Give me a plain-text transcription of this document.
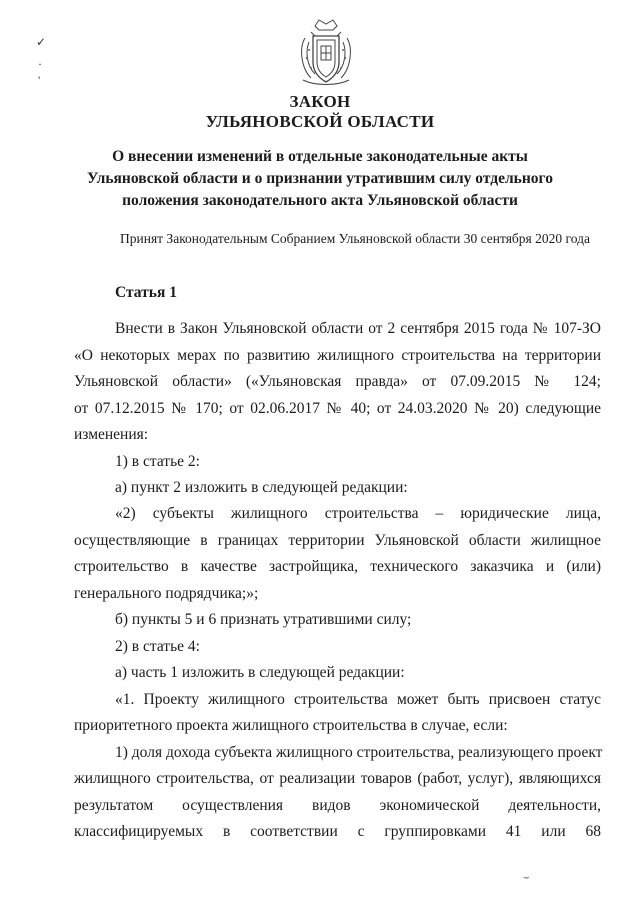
✓
·
'
ЗАКОН
УЛЬЯНОВСКОЙ ОБЛАСТИ
О внесении изменений в отдельные законодательные акты
Ульяновской области и о признании утратившим силу отдельного
положения законодательного акта Ульяновской области
Принят Законодательным Собранием Ульяновской области 30 сентября 2020 года
Статья 1
Внести в Закон Ульяновской области от 2 сентября 2015 года № 107-ЗО
«О некоторых мерах по развитию жилищного строительства на территории
Ульяновской области» («Ульяновская правда» от 07.09.2015 № 124;
от 07.12.2015 № 170; от 02.06.2017 № 40; от 24.03.2020 № 20) следующие
изменения:
1) в статье 2:
а) пункт 2 изложить в следующей редакции:
«2) субъекты жилищного строительства – юридические лица,
осуществляющие в границах территории Ульяновской области жилищное
строительство в качестве застройщика, технического заказчика и (или)
генерального подрядчика;»;
б) пункты 5 и 6 признать утратившими силу;
2) в статье 4:
а) часть 1 изложить в следующей редакции:
«1. Проекту жилищного строительства может быть присвоен статус
приоритетного проекта жилищного строительства в случае, если:
1) доля дохода субъекта жилищного строительства, реализующего проект
жилищного строительства, от реализации товаров (работ, услуг), являющихся
результатом осуществления видов экономической деятельности,
классифицируемых в соответствии с группировками 41 или 68
⌣
